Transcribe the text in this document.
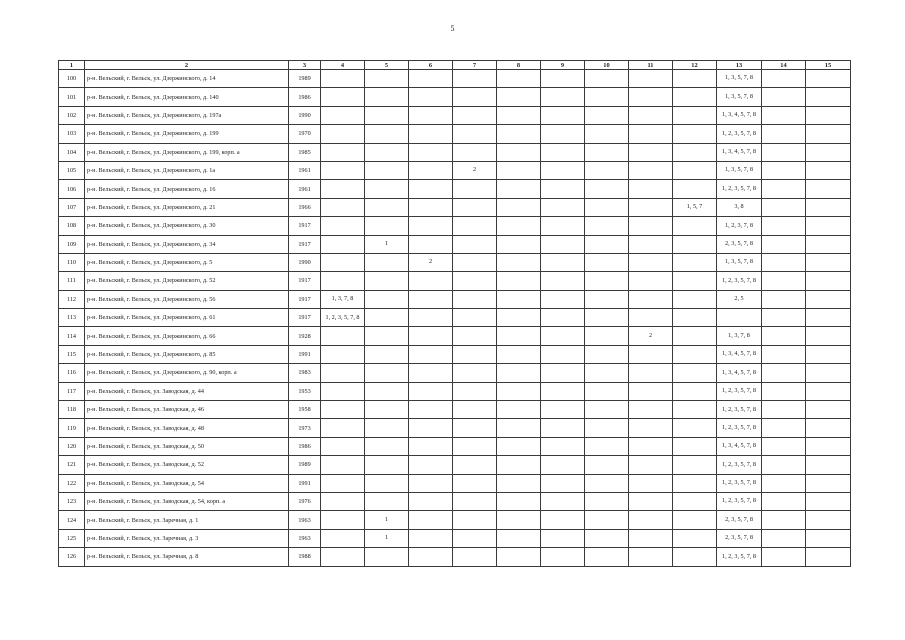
5
1	2	3	4	5	6	7	8	9	10	11	12	13	14	15
100	р-н. Вельский, г. Вельск, ул. Дзержинского, д. 14	1989										1, 3, 5, 7, 8		
101	р-н. Вельский, г. Вельск, ул. Дзержинского, д. 140	1986										1, 3, 5, 7, 8		
102	р-н. Вельский, г. Вельск, ул. Дзержинского, д. 197а	1990										1, 3, 4, 5, 7, 8		
103	р-н. Вельский, г. Вельск, ул. Дзержинского, д. 199	1970										1, 2, 3, 5, 7, 8		
104	р-н. Вельский, г. Вельск, ул. Дзержинского, д. 199, корп. а	1985										1, 3, 4, 5, 7, 8		
105	р-н. Вельский, г. Вельск, ул. Дзержинского, д. 1а	1961				2						1, 3, 5, 7, 8		
106	р-н. Вельский, г. Вельск, ул. Дзержинского, д. 16	1961										1, 2, 3, 5, 7, 8		
107	р-н. Вельский, г. Вельск, ул. Дзержинского, д. 21	1966									1, 5, 7	3, 8		
108	р-н. Вельский, г. Вельск, ул. Дзержинского, д. 30	1917										1, 2, 3, 7, 8		
109	р-н. Вельский, г. Вельск, ул. Дзержинского, д. 34	1917		1								2, 3, 5, 7, 8		
110	р-н. Вельский, г. Вельск, ул. Дзержинского, д. 5	1990			2							1, 3, 5, 7, 8		
111	р-н. Вельский, г. Вельск, ул. Дзержинского, д. 52	1917										1, 2, 3, 5, 7, 8		
112	р-н. Вельский, г. Вельск, ул. Дзержинского, д. 56	1917	1, 3, 7, 8									2, 5		
113	р-н. Вельский, г. Вельск, ул. Дзержинского, д. 61	1917	1, 2, 3, 5, 7, 8											
114	р-н. Вельский, г. Вельск, ул. Дзержинского, д. 66	1928								2		1, 3, 7, 8		
115	р-н. Вельский, г. Вельск, ул. Дзержинского, д. 85	1991										1, 3, 4, 5, 7, 8		
116	р-н. Вельский, г. Вельск, ул. Дзержинского, д. 90, корп. а	1983										1, 3, 4, 5, 7, 8		
117	р-н. Вельский, г. Вельск, ул. Заводская, д. 44	1953										1, 2, 3, 5, 7, 8		
118	р-н. Вельский, г. Вельск, ул. Заводская, д. 46	1958										1, 2, 3, 5, 7, 8		
119	р-н. Вельский, г. Вельск, ул. Заводская, д. 48	1973										1, 2, 3, 5, 7, 8		
120	р-н. Вельский, г. Вельск, ул. Заводская, д. 50	1986										1, 3, 4, 5, 7, 8		
121	р-н. Вельский, г. Вельск, ул. Заводская, д. 52	1989										1, 2, 3, 5, 7, 8		
122	р-н. Вельский, г. Вельск, ул. Заводская, д. 54	1991										1, 2, 3, 5, 7, 8		
123	р-н. Вельский, г. Вельск, ул. Заводская, д. 54, корп. а	1976										1, 2, 3, 5, 7, 8		
124	р-н. Вельский, г. Вельск, ул. Заречная, д. 1	1963		1								2, 3, 5, 7, 8		
125	р-н. Вельский, г. Вельск, ул. Заречная, д. 3	1963		1								2, 3, 5, 7, 8		
126	р-н. Вельский, г. Вельск, ул. Заречная, д. 8	1988										1, 2, 3, 5, 7, 8		
